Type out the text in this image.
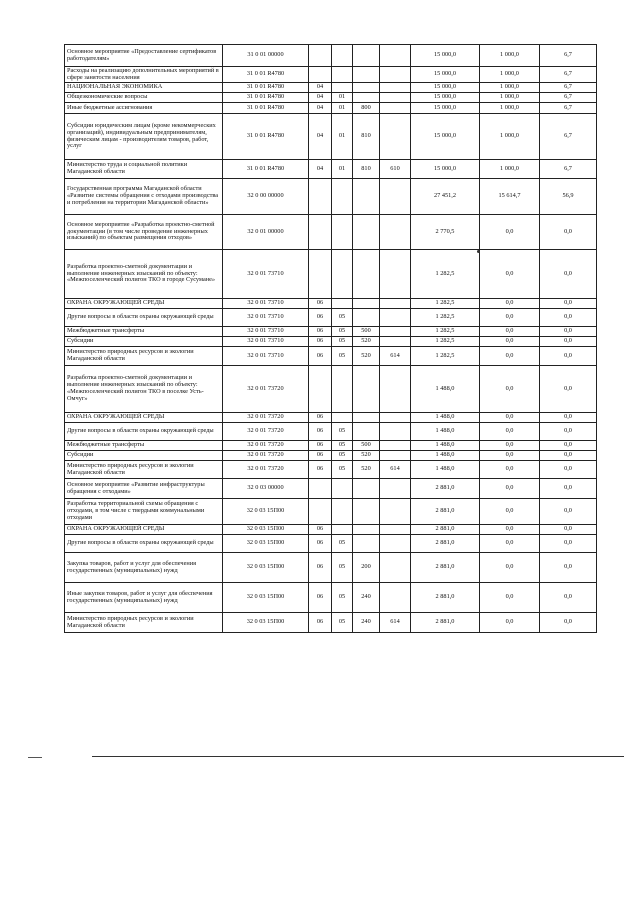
Основное мероприятие «Предоставление сертификатов работодателям»	31 0 01 00000					15 000,0	1 000,0	6,7
Расходы на реализацию дополнительных мероприятий в сфере занятости населения	31 0 01 R4780					15 000,0	1 000,0	6,7
НАЦИОНАЛЬНАЯ ЭКОНОМИКА	31 0 01 R4780	04				15 000,0	1 000,0	6,7
Общеэкономические вопросы	31 0 01 R4780	04	01			15 000,0	1 000,0	6,7
Иные бюджетные ассигнования	31 0 01 R4780	04	01	800		15 000,0	1 000,0	6,7
Субсидии юридическим лицам (кроме некоммерческих организаций), индивидуальным предпринимателям, физическим лицам - производителям товаров, работ, услуг	31 0 01 R4780	04	01	810		15 000,0	1 000,0	6,7
Министерство труда и социальной политики Магаданской области	31 0 01 R4780	04	01	810	610	15 000,0	1 000,0	6,7
Государственная программа Магаданской области «Развитие системы обращения с отходами производства и потребления на территории Магаданской области»	32 0 00 00000					27 451,2	15 614,7	56,9
Основное мероприятие «Разработка проектно-сметной документации (в том числе проведение инженерных изысканий) по объектам размещения отходов»	32 0 01 00000					2 770,5	0,0	0,0
Разработка проектно-сметной документации и выполнение инженерных изысканий по объекту: «Межпоселенческий полигон ТКО в городе Сусумане»	32 0 01 73710					1 282,5	0,0	0,0
ОХРАНА ОКРУЖАЮЩЕЙ СРЕДЫ	32 0 01 73710	06				1 282,5	0,0	0,0
Другие вопросы в области охраны окружающей среды	32 0 01 73710	06	05			1 282,5	0,0	0,0
Межбюджетные трансферты	32 0 01 73710	06	05	500		1 282,5	0,0	0,0
Субсидии	32 0 01 73710	06	05	520		1 282,5	0,0	0,0
Министерство природных ресурсов и экологии Магаданской области	32 0 01 73710	06	05	520	614	1 282,5	0,0	0,0
Разработка проектно-сметной документации и выполнение инженерных изысканий по объекту: «Межпоселенческий полигон ТКО в поселке Усть-Омчуг»	32 0 01 73720					1 488,0	0,0	0,0
ОХРАНА ОКРУЖАЮЩЕЙ СРЕДЫ	32 0 01 73720	06				1 488,0	0,0	0,0
Другие вопросы в области охраны окружающей среды	32 0 01 73720	06	05			1 488,0	0,0	0,0
Межбюджетные трансферты	32 0 01 73720	06	05	500		1 488,0	0,0	0,0
Субсидии	32 0 01 73720	06	05	520		1 488,0	0,0	0,0
Министерство природных ресурсов и экологии Магаданской области	32 0 01 73720	06	05	520	614	1 488,0	0,0	0,0
Основное мероприятие «Развитие инфраструктуры обращения с отходами»	32 0 03 00000					2 881,0	0,0	0,0
Разработка территориальной схемы обращения с отходами, в том числе с твердыми коммунальными отходами	32 0 03 15П00					2 881,0	0,0	0,0
ОХРАНА ОКРУЖАЮЩЕЙ СРЕДЫ	32 0 03 15П00	06				2 881,0	0,0	0,0
Другие вопросы в области охраны окружающей среды	32 0 03 15П00	06	05			2 881,0	0,0	0,0
Закупка товаров, работ и услуг для обеспечения государственных (муниципальных) нужд	32 0 03 15П00	06	05	200		2 881,0	0,0	0,0
Иные закупки товаров, работ и услуг для обеспечения государственных (муниципальных) нужд	32 0 03 15П00	06	05	240		2 881,0	0,0	0,0
Министерство природных ресурсов и экологии Магаданской области	32 0 03 15П00	06	05	240	614	2 881,0	0,0	0,0
